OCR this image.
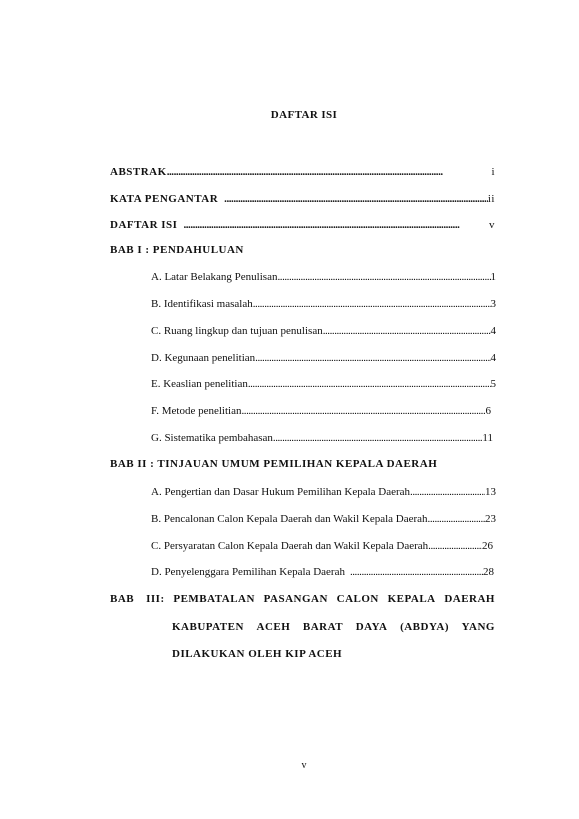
DAFTAR ISI
ABSTRAK . . .	i
KATA PENGANTAR . . .	ii
DAFTAR ISI . . .	v
BAB I : PENDAHULUAN
A. Latar Belakang Penulisan . . .	1
B. Identifikasi masalah . . .	3
C. Ruang lingkup dan tujuan penulisan . . .	4
D. Kegunaan penelitian . . .	4
E. Keaslian penelitian . . .	5
F. Metode penelitian . . .	6
G. Sistematika pembahasan . . .	11
BAB II : TINJAUAN UMUM PEMILIHAN KEPALA DAERAH
A. Pengertian dan Dasar Hukum Pemilihan Kepala Daerah . . .	13
B. Pencalonan Calon Kepala Daerah dan Wakil Kepala Daerah . . .	23
C. Persyaratan Calon Kepala Daerah dan Wakil Kepala Daerah . . .	26
D. Penyelenggara Pemilihan Kepala Daerah . . .	28
BAB III: PEMBATALAN PASANGAN CALON KEPALA DAERAH
KABUPATEN ACEH BARAT DAYA (ABDYA) YANG
DILAKUKAN OLEH KIP ACEH
v
